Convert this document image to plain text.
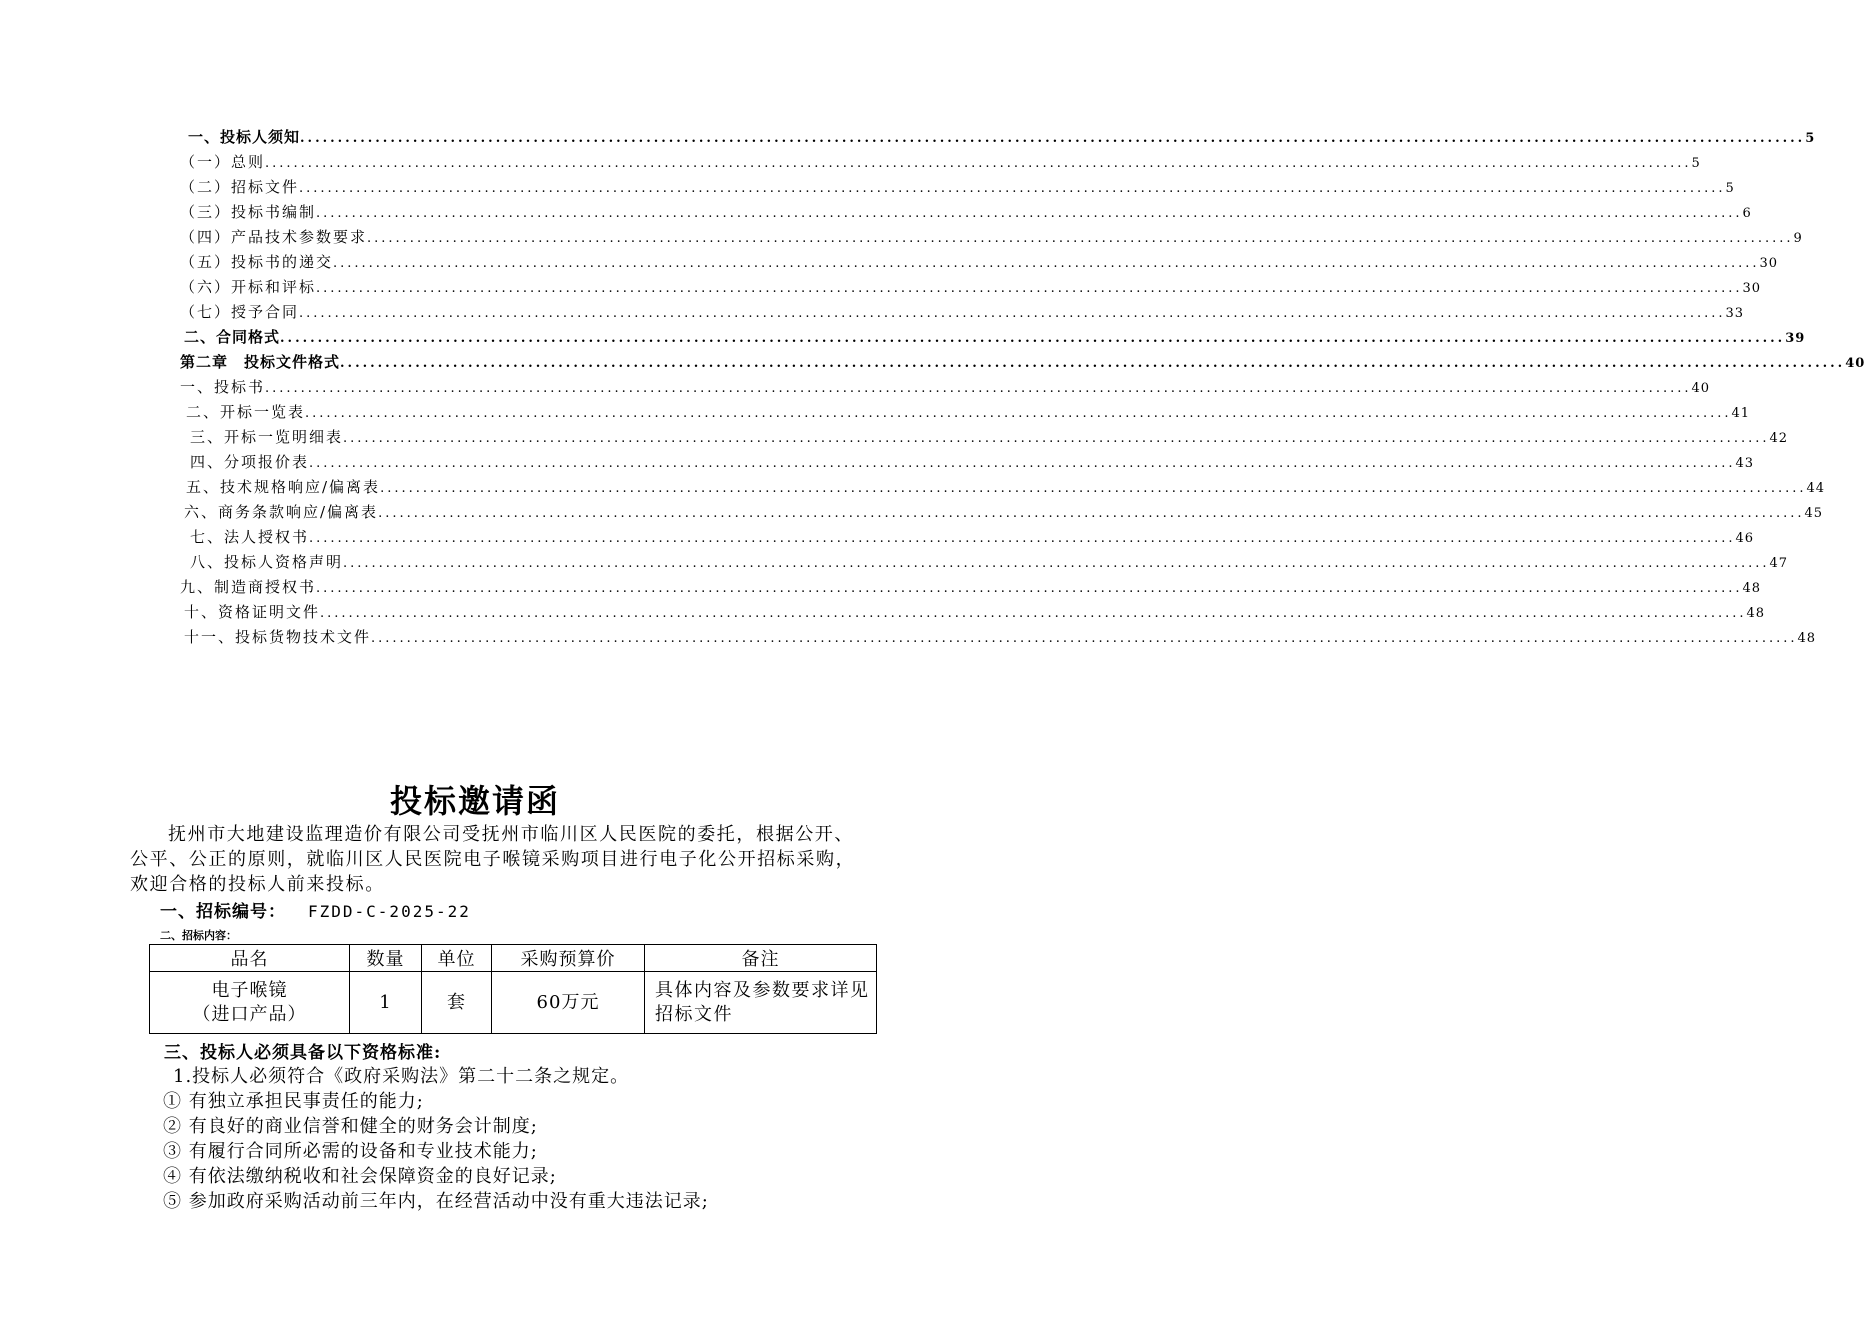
一、投标人须知 ........................................................................................................................................................................................................ 5
（一）总则 ........................................................................................................................................................................................................ 5
（二）招标文件 ........................................................................................................................................................................................................ 5
（三）投标书编制 ........................................................................................................................................................................................................ 6
（四）产品技术参数要求 ........................................................................................................................................................................................................ 9
（五）投标书的递交 ........................................................................................................................................................................................................ 30
（六）开标和评标 ........................................................................................................................................................................................................ 30
（七）授予合同 ........................................................................................................................................................................................................ 33
二、合同格式 ........................................................................................................................................................................................................ 39
第二章　投标文件格式 ........................................................................................................................................................................................................ 40
一、投标书 ........................................................................................................................................................................................................ 40
二、开标一览表 ........................................................................................................................................................................................................ 41
三、开标一览明细表 ........................................................................................................................................................................................................ 42
四、分项报价表 ........................................................................................................................................................................................................ 43
五、技术规格响应/偏离表 ........................................................................................................................................................................................................ 44
六、商务条款响应/偏离表 ........................................................................................................................................................................................................ 45
七、法人授权书 ........................................................................................................................................................................................................ 46
八、投标人资格声明 ........................................................................................................................................................................................................ 47
九、制造商授权书 ........................................................................................................................................................................................................ 48
十、资格证明文件 ........................................................................................................................................................................................................ 48
十一、投标货物技术文件 ........................................................................................................................................................................................................ 48
投标邀请函
抚州市大地建设监理造价有限公司受抚州市临川区人民医院的委托，根据公开、公平、公正的原则，就临川区人民医院电子喉镜采购项目进行电子化公开招标采购，欢迎合格的投标人前来投标。
一、招标编号： FZDD-C-2025-22
二、招标内容：
品名	数量	单位	采购预算价	备注

电子喉镜
（进口产品）	1	套	60万元	具体内容及参数要求详见招标文件
三、投标人必须具备以下资格标准:
1.投标人必须符合《政府采购法》第二十二条之规定。
① 有独立承担民事责任的能力;
② 有良好的商业信誉和健全的财务会计制度;
③ 有履行合同所必需的设备和专业技术能力;
④ 有依法缴纳税收和社会保障资金的良好记录;
⑤ 参加政府采购活动前三年内，在经营活动中没有重大违法记录;
